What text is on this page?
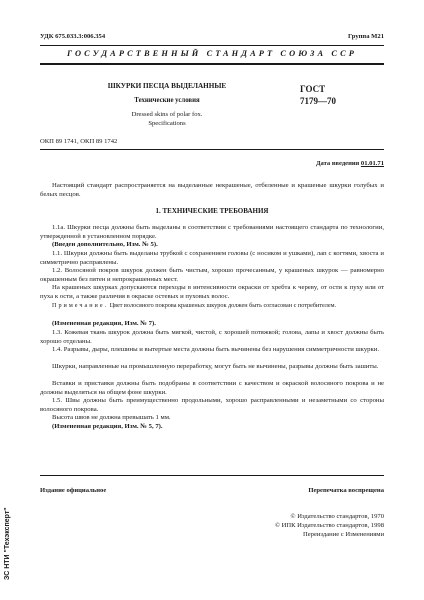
УДК 675.033.3:006.354	Группа М21
ГОСУДАРСТВЕННЫЙ СТАНДАРТ СОЮЗА ССР
ШКУРКИ ПЕСЦА ВЫДЕЛАННЫЕ
Технические условия
Dressed skins of polar fox.
Specifications
ГОСТ
7179—70
ОКП 89 1741, ОКП 89 1742
Дата введения 01.01.71
Настоящий стандарт распространяется на выделанные некрашеные, отбеленные и крашеные шкурки голубых и белых песцов.
1. ТЕХНИЧЕСКИЕ ТРЕБОВАНИЯ
1.1а. Шкурки песца должны быть выделаны в соответствии с требованиями настоящего стандарта по технологии, утвержденной в установленном порядке.
(Введен дополнительно, Изм. № 5).
1.1. Шкурки должны быть выделаны трубкой с сохранением головы (с носиком и ушками), лап с когтями, хвоста и симметрично расправлены.
1.2. Волосяной покров шкурок должен быть чистым, хорошо прочесанным, у крашеных шкурок — равномерно окрашенным без пятен и непрокрашенных мест.
На крашеных шкурках допускаются переходы в интенсивности окраски от хребта к черевy, от ости к пуху или от пуха к ости, а также различия в окраске остевых и пуховых волос.
Примечание. Цвет волосяного покрова крашеных шкурок должен быть согласован с потребителем.
(Измененная редакция, Изм. № 7).
1.3. Кожевая ткань шкурок должна быть мягкой, чистой, с хорошей потяжкой; голова, лапы и хвост должны быть хорошо отделаны.
1.4. Разрывы, дыры, плешины и вытертые места должны быть вычинены без нарушения симметричности шкурки.
Шкурки, направленные на промышленную переработку, могут быть не вычинены, разрывы должны быть зашиты.
Вставки и приставки должны быть подобраны в соответствии с качеством и окраской волосяного покрова и не должны выделяться на общем фоне шкурки.
1.5. Швы должны быть преимущественно продольными, хорошо расправленными и незаметными со стороны волосяного покрова.
Высота швов не должна превышать 1 мм.
(Измененная редакция, Изм. № 5, 7).
Издание официальное	Перепечатка воспрещена
© Издательство стандартов, 1970
© ИПК Издательство стандартов, 1998
Переиздание с Изменениями
ЗС НТИ "Техэксперт"
